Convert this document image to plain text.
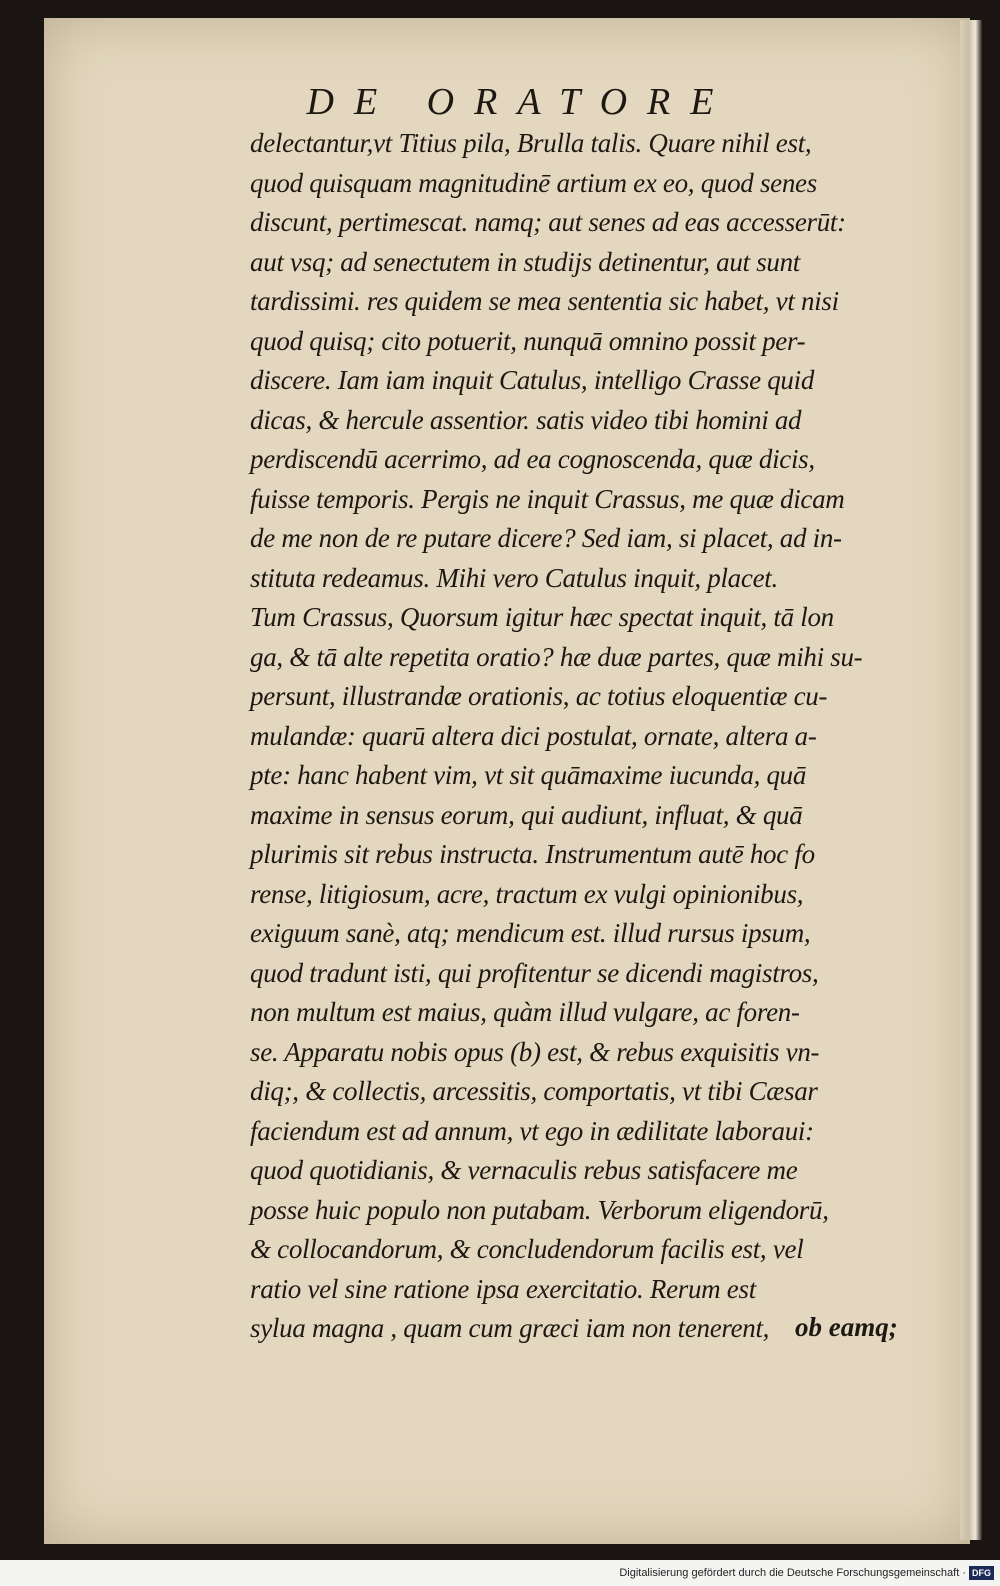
DE ORATORE
delectantur,vt Titius pila, Brulla talis. Quare nihil est,
quod quisquam magnitudinē artium ex eo, quod senes
discunt, pertimescat. namq; aut senes ad eas accesserūt:
aut vsq; ad senectutem in studijs detinentur, aut sunt
tardissimi. res quidem se mea sententia sic habet, vt nisi
quod quisq; cito potuerit, nunquā omnino possit per-
discere. Iam iam inquit Catulus, intelligo Crasse quid
dicas, & hercule assentior. satis video tibi homini ad
perdiscendū acerrimo, ad ea cognoscenda, quæ dicis,
fuisse temporis. Pergis ne inquit Crassus, me quæ dicam
de me non de re putare dicere? Sed iam, si placet, ad in-
stituta redeamus. Mihi vero Catulus inquit, placet.
Tum Crassus, Quorsum igitur hæc spectat inquit, tā lon
ga, & tā alte repetita oratio? hæ duæ partes, quæ mihi su-
persunt, illustrandæ orationis, ac totius eloquentiæ cu-
mulandæ: quarū altera dici postulat, ornate, altera a-
pte: hanc habent vim, vt sit quāmaxime iucunda, quā
maxime in sensus eorum, qui audiunt, influat, & quā
plurimis sit rebus instructa. Instrumentum autē hoc fo
rense, litigiosum, acre, tractum ex vulgi opinionibus,
exiguum sanè, atq; mendicum est. illud rursus ipsum,
quod tradunt isti, qui profitentur se dicendi magistros,
non multum est maius, quàm illud vulgare, ac foren-
se. Apparatu nobis opus (b) est, & rebus exquisitis vn-
diq;, & collectis, arcessitis, comportatis, vt tibi Cæsar
faciendum est ad annum, vt ego in ædilitate laboraui:
quod quotidianis, & vernaculis rebus satisfacere me
posse huic populo non putabam. Verborum eligendorū,
& collocandorum, & concludendorum facilis est, vel
ratio vel sine ratione ipsa exercitatio. Rerum est
sylua magna , quam cum græci iam non tenerent, ob eamq;
Digitalisierung gefördert durch die Deutsche Forschungsgemeinschaft · DFG
